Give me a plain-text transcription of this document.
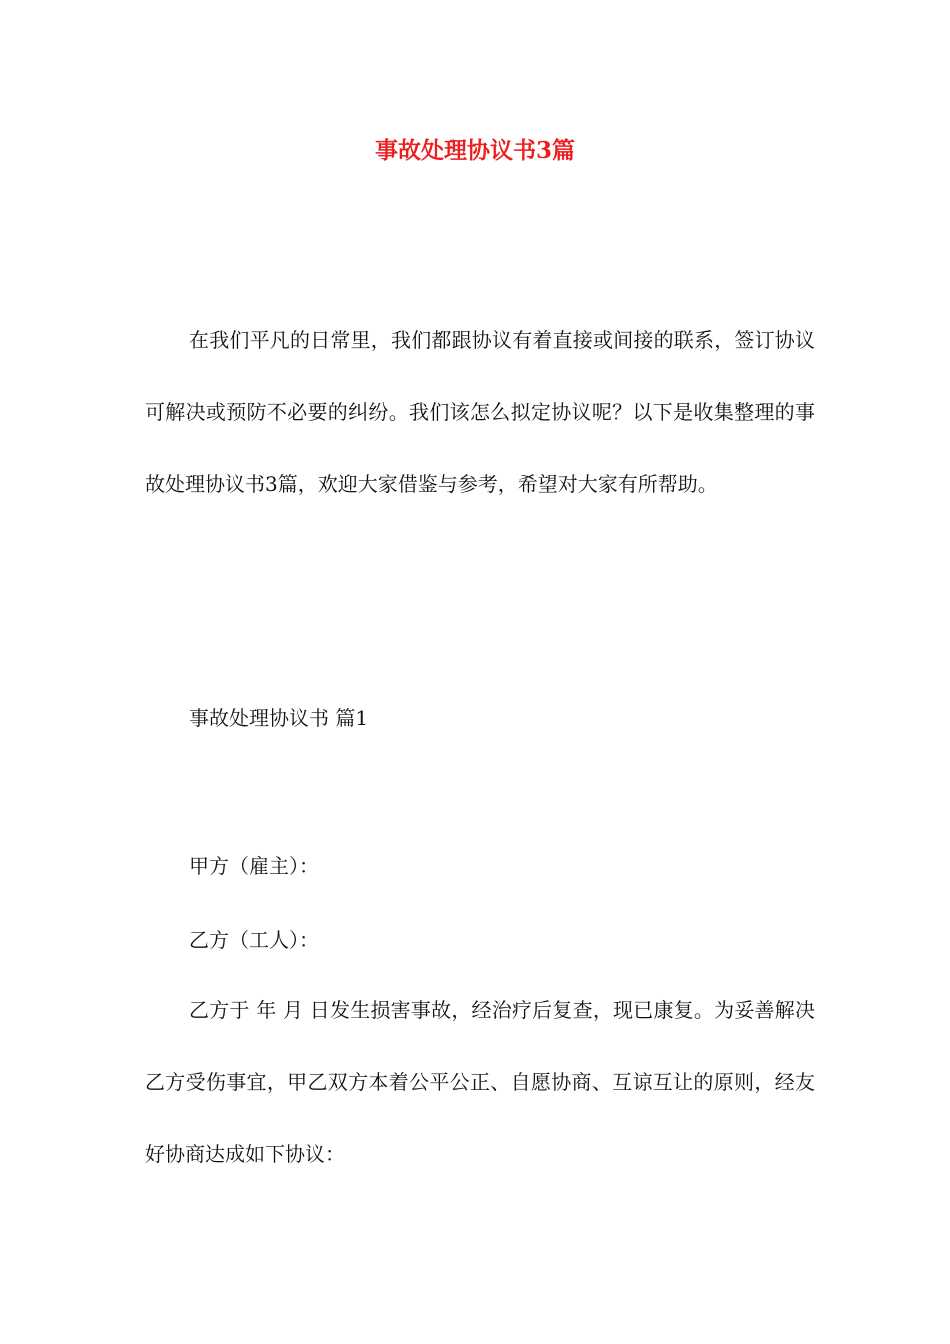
事故处理协议书3篇

在我们平凡的日常里，我们都跟协议有着直接或间接的联系，签订协议可解决或预防不必要的纠纷。我们该怎么拟定协议呢？以下是收集整理的事故处理协议书3篇，欢迎大家借鉴与参考，希望对大家有所帮助。

事故处理协议书 篇1
甲方（雇主）：
乙方（工人）：

乙方于 年 月 日发生损害事故，经治疗后复查，现已康复。为妥善解决乙方受伤事宜，甲乙双方本着公平公正、自愿协商、互谅互让的原则，经友好协商达成如下协议：
